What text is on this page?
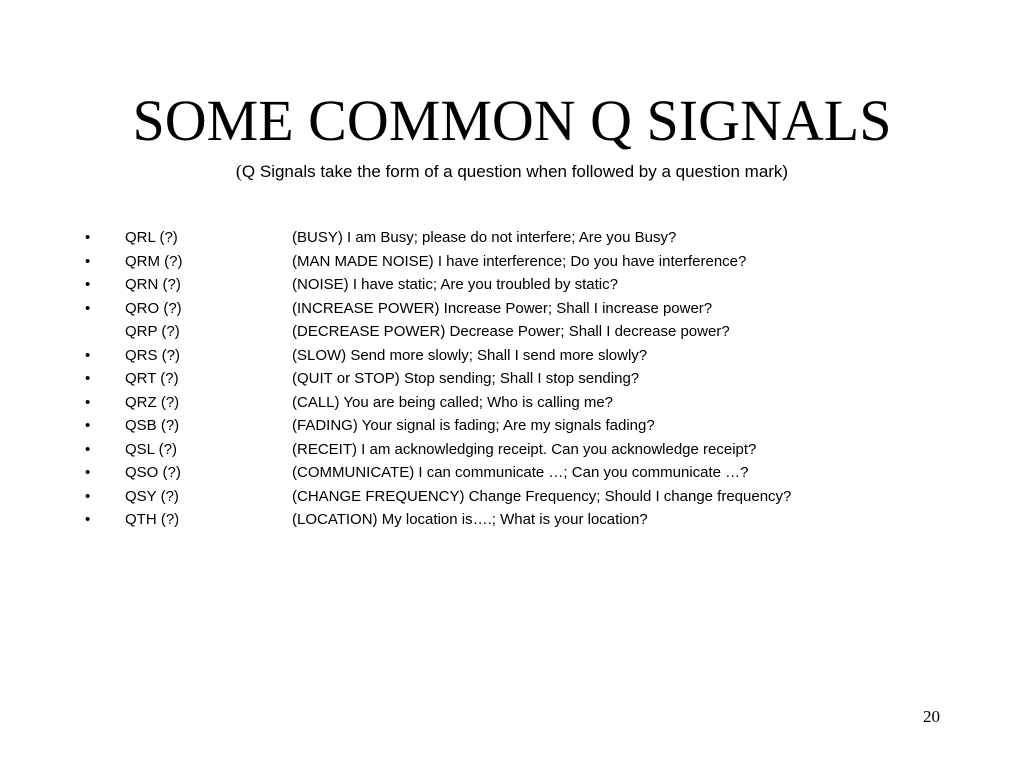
SOME COMMON Q SIGNALS
(Q Signals take the form of a question when followed by a question mark)
• QRL (?)	(BUSY) I am Busy; please do not interfere; Are you Busy?
• QRM (?)	(MAN MADE NOISE) I have interference; Do you have interference?
• QRN (?)	(NOISE) I have static; Are you troubled by static?
• QRO (?)	(INCREASE POWER) Increase Power; Shall I increase power?
QRP (?)	(DECREASE POWER) Decrease Power; Shall I decrease power?
• QRS (?)	(SLOW) Send more slowly; Shall I send more slowly?
• QRT (?)	(QUIT or STOP) Stop sending; Shall I stop sending?
• QRZ (?)	(CALL) You are being called; Who is calling me?
• QSB (?)	(FADING) Your signal is fading; Are my signals fading?
• QSL (?)	(RECEIT) I am acknowledging receipt. Can you acknowledge receipt?
• QSO (?)	(COMMUNICATE) I can communicate …; Can you communicate …?
• QSY (?)	(CHANGE FREQUENCY) Change Frequency; Should I change frequency?
• QTH (?)	(LOCATION) My location is….; What is your location?
20
